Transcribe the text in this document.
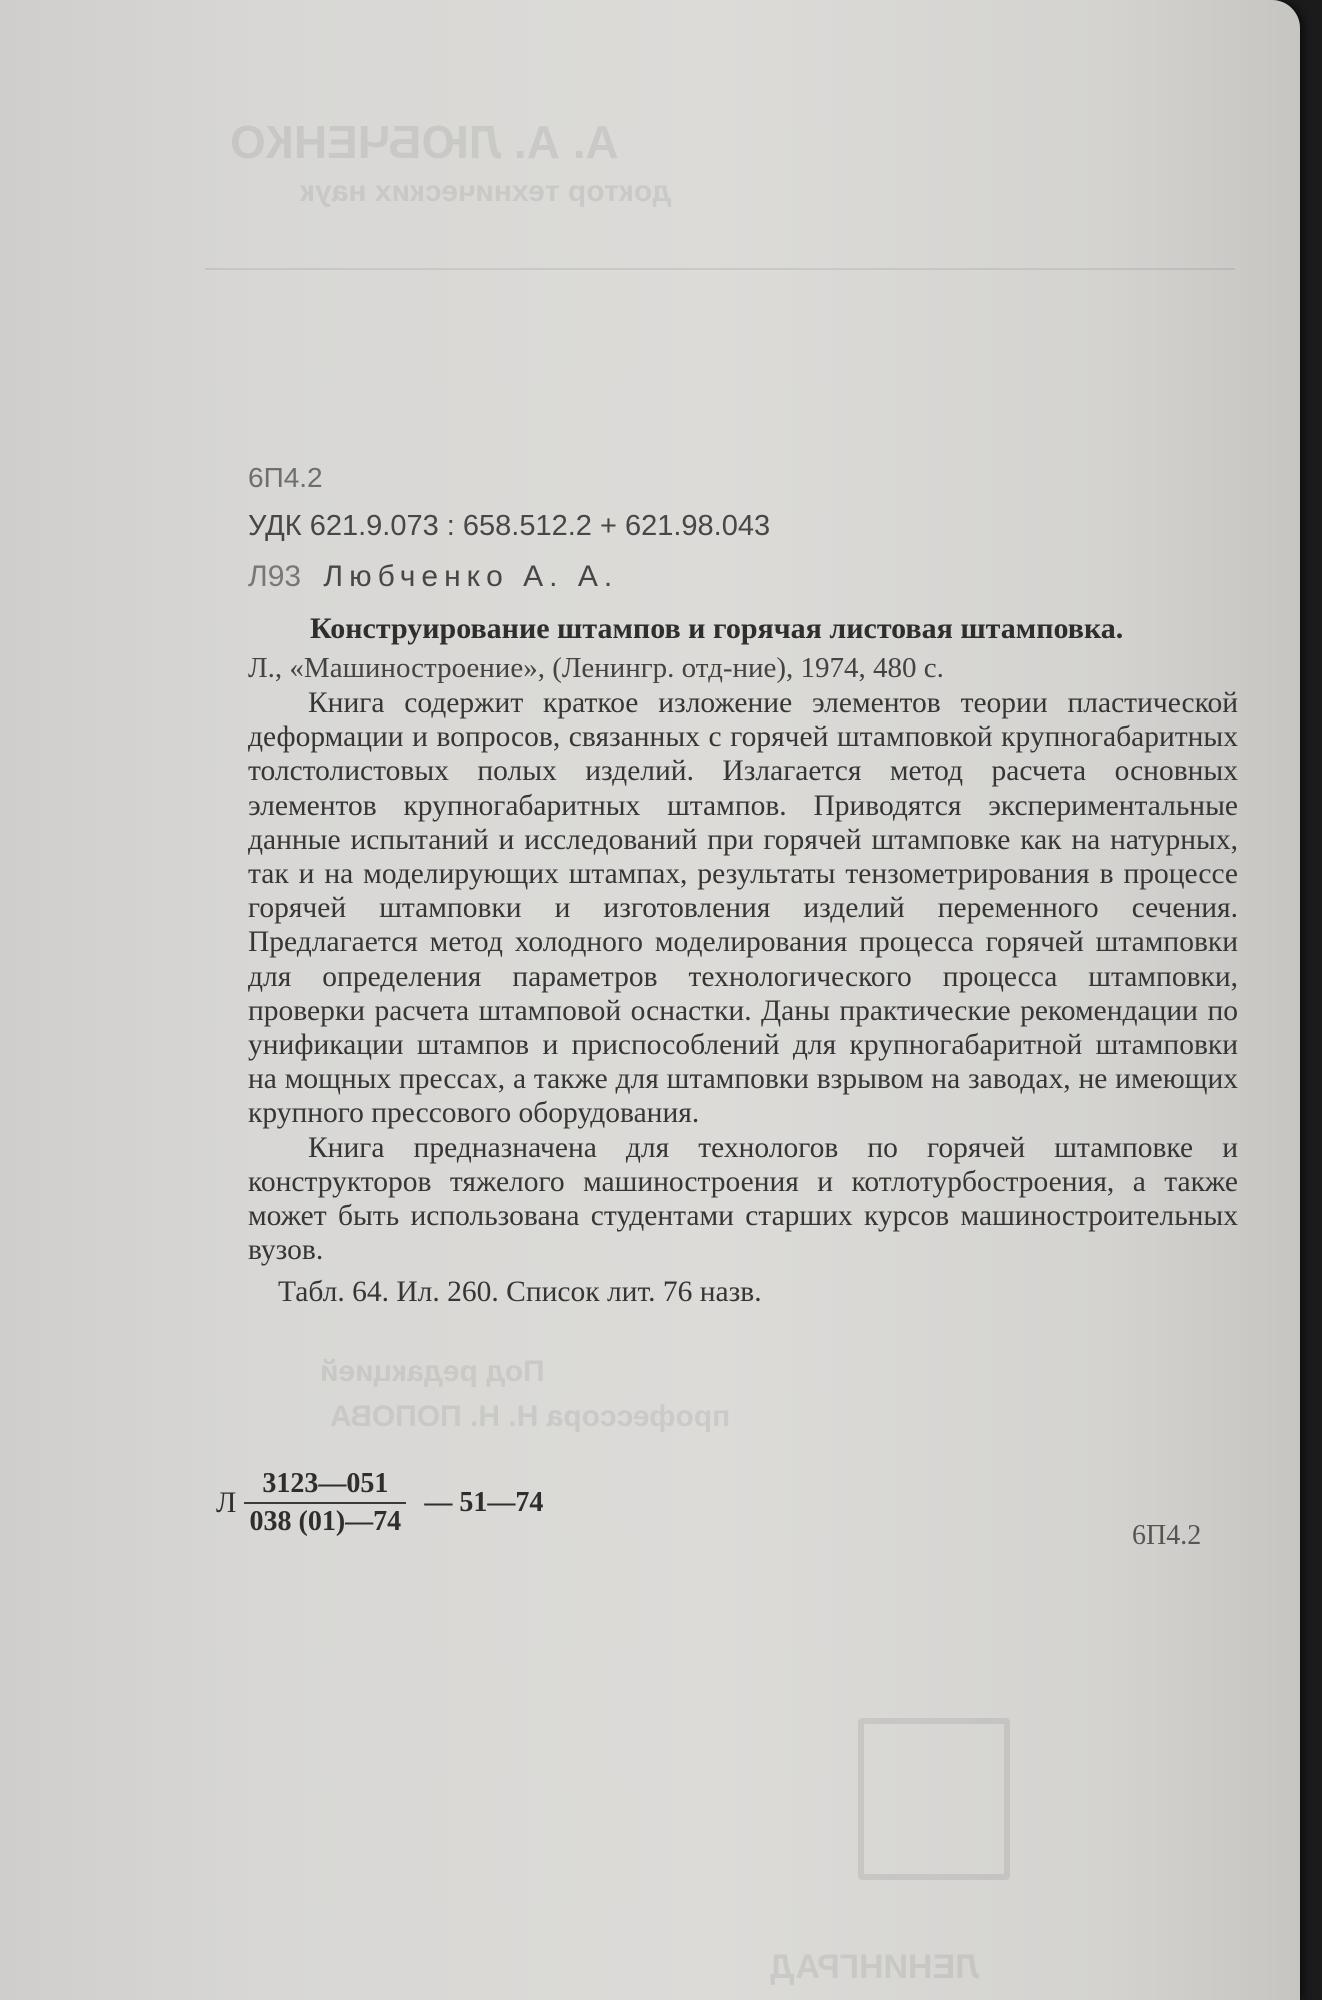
А. А. ЛЮБЧЕНКО
доктор технических наук
Под редакцией
профессора Н. Н. ПОПОВА
ЛЕНИНГРАД
6П4.2
УДК 621.9.073 : 658.512.2 + 621.98.043
Л93 Любченко А. А.
Конструирование штампов и горячая листовая штамповка.
Л., «Машиностроение», (Ленингр. отд-ние), 1974, 480 с.

Книга содержит краткое изложение элементов теории пластической деформации и вопросов, связанных с горячей штамповкой крупногабаритных толстолистовых полых изделий. Излагается метод расчета основных элементов крупногабаритных штампов. Приводятся экспериментальные данные испытаний и исследований при горячей штамповке как на натурных, так и на моделирующих штампах, результаты тензометрирования в процессе горячей штамповки и изготовления изделий переменного сечения. Предлагается метод холодного моделирования процесса горячей штамповки для определения параметров технологического процесса штамповки, проверки расчета штамповой оснастки. Даны практические рекомендации по унификации штампов и приспособлений для крупногабаритной штамповки на мощных прессах, а также для штамповки взрывом на заводах, не имеющих крупного прессового оборудования.

Книга предназначена для технологов по горячей штамповке и конструкторов тяжелого машиностроения и котлотурбостроения, а также может быть использована студентами старших курсов машиностроительных вузов.

Табл. 64. Ил. 260. Список лит. 76 назв.

Л $\frac{3123—051}{038 (01)—74}$ — 51—74
6П4.2
